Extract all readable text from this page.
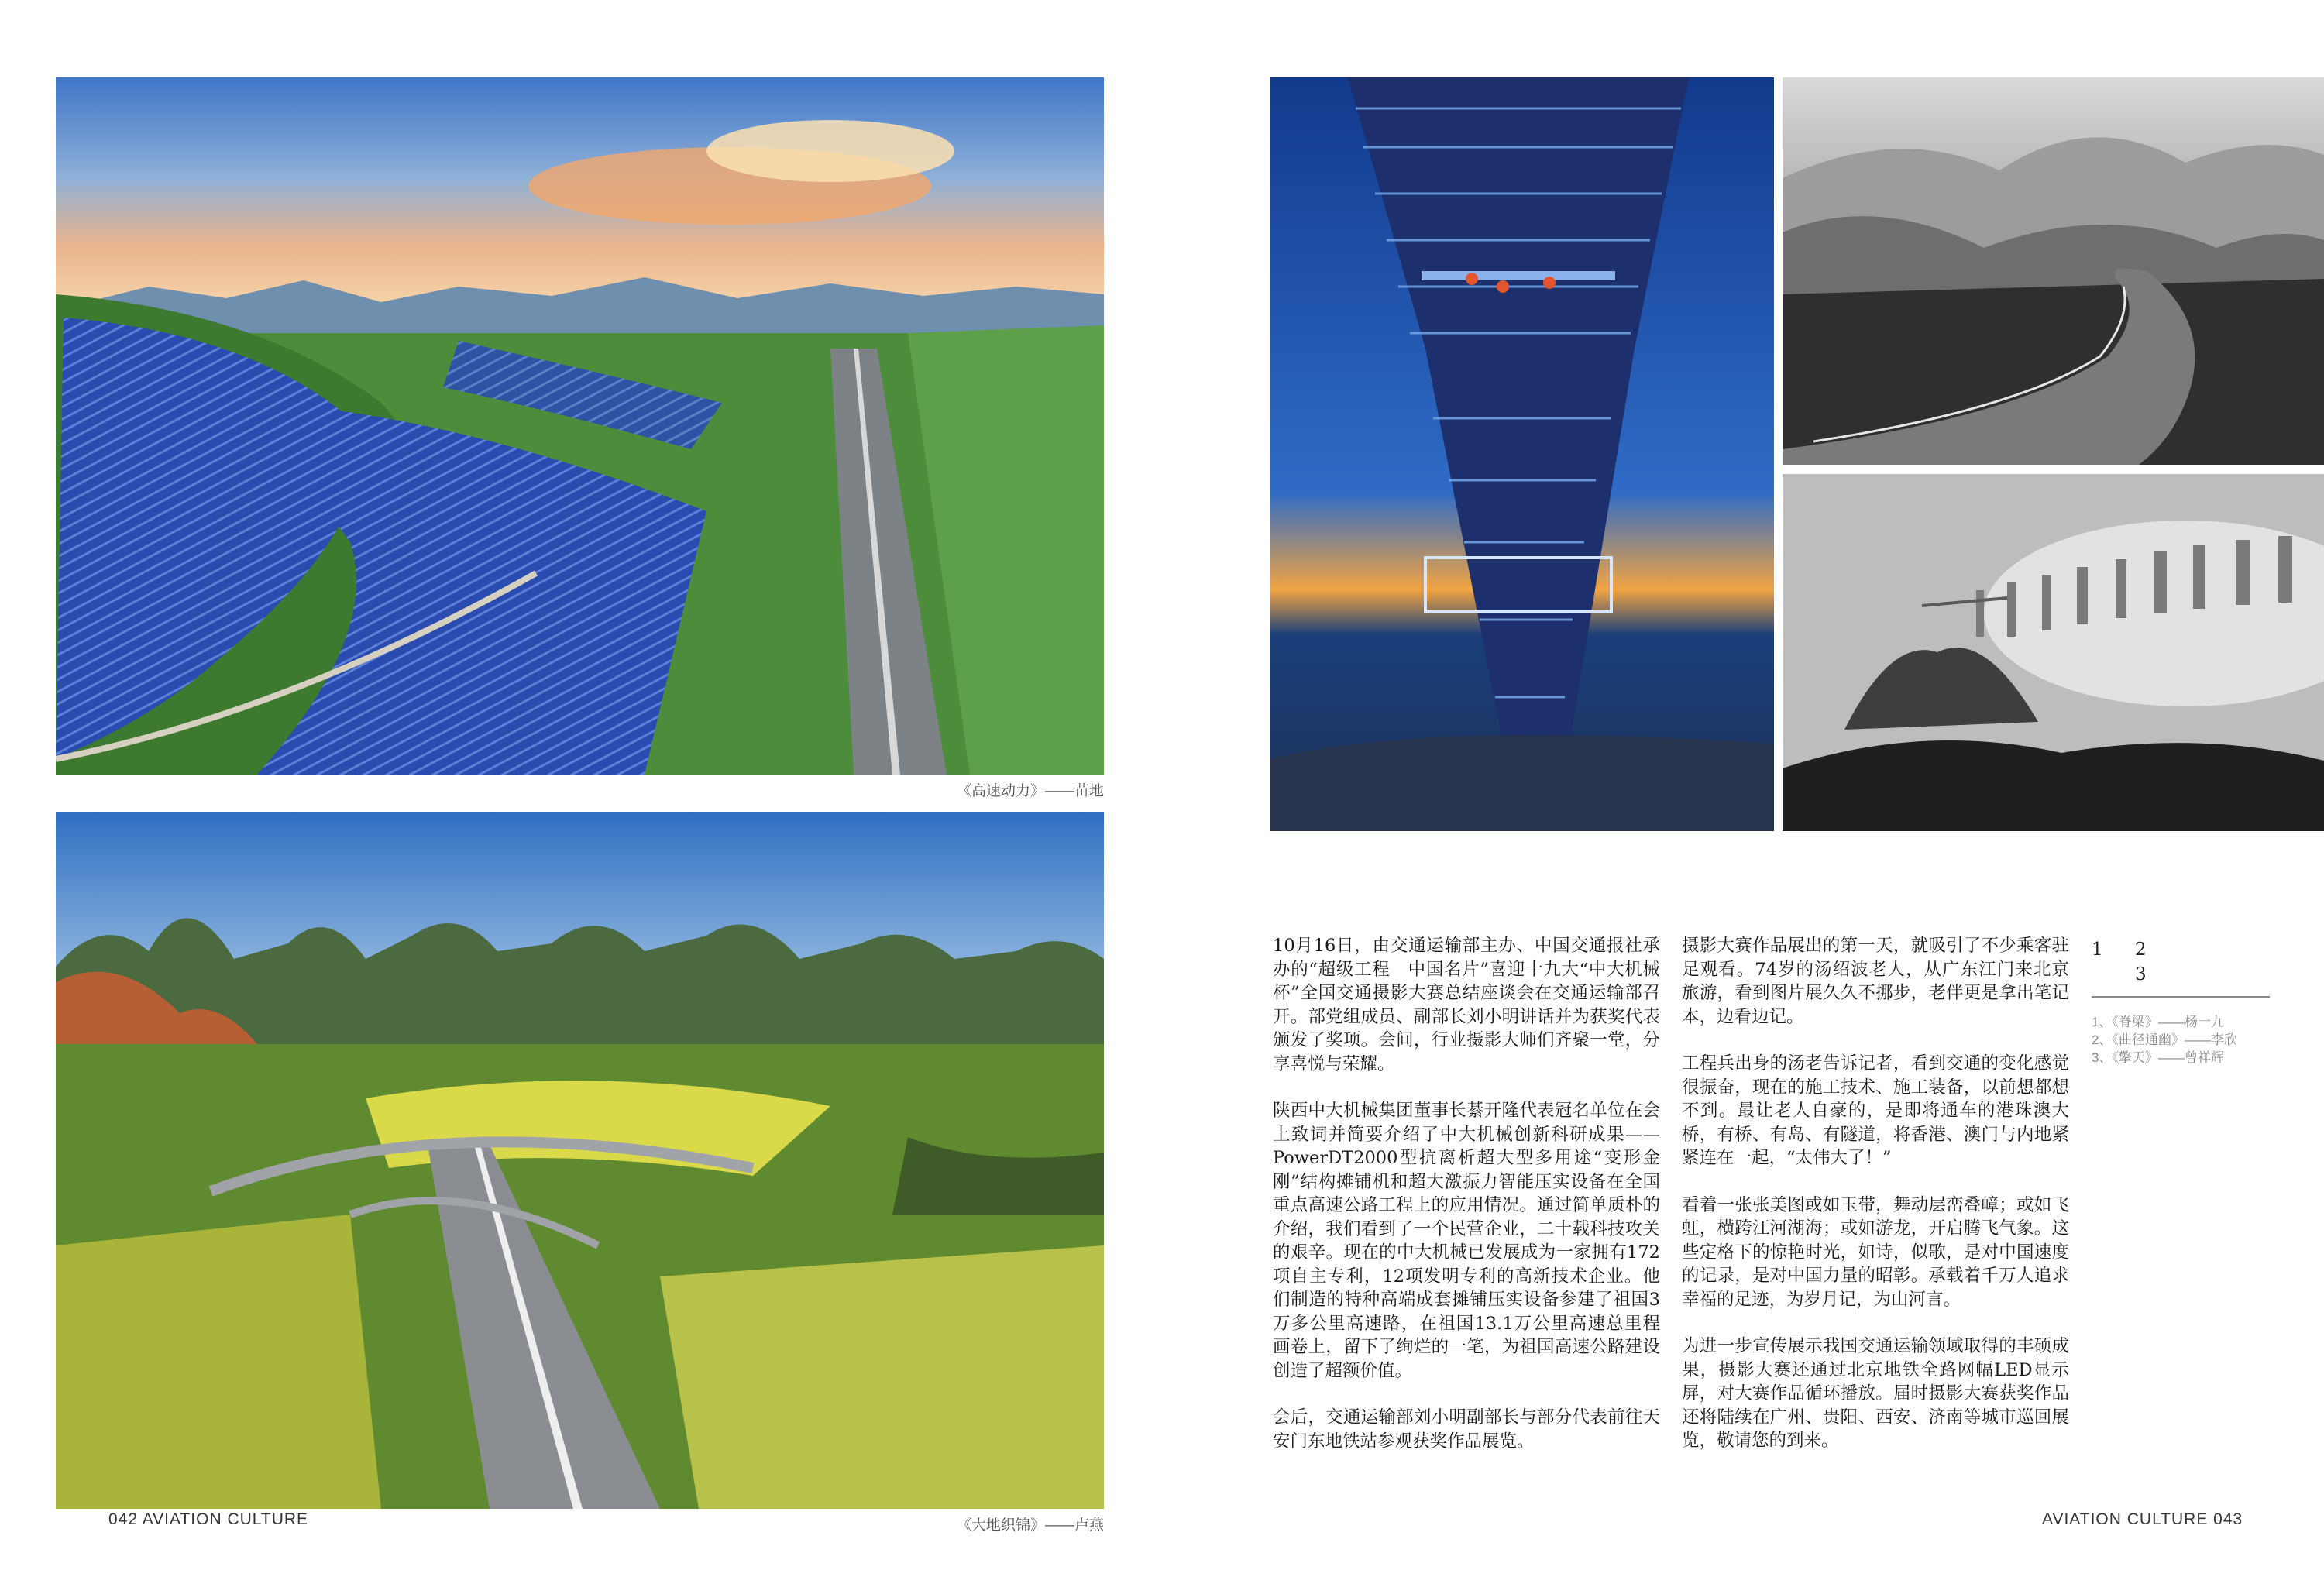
《高速动力》——苗地
《大地织锦》——卢燕
042 AVIATION CULTURE

10月16日，由交通运输部主办、中国交通报社承办的“超级工程　中国名片”喜迎十九大“中大机械杯”全国交通摄影大赛总结座谈会在交通运输部召开。部党组成员、副部长刘小明讲话并为获奖代表颁发了奖项。会间，行业摄影大师们齐聚一堂，分享喜悦与荣耀。

陕西中大机械集团董事长綦开隆代表冠名单位在会上致词并简要介绍了中大机械创新科研成果——PowerDT2000型抗离析超大型多用途“变形金刚”结构摊铺机和超大激振力智能压实设备在全国重点高速公路工程上的应用情况。通过简单质朴的介绍，我们看到了一个民营企业，二十载科技攻关的艰辛。现在的中大机械已发展成为一家拥有172项自主专利，12项发明专利的高新技术企业。他们制造的特种高端成套摊铺压实设备参建了祖国3万多公里高速路，在祖国13.1万公里高速总里程画卷上，留下了绚烂的一笔，为祖国高速公路建设创造了超额价值。

会后，交通运输部刘小明副部长与部分代表前往天安门东地铁站参观获奖作品展览。

摄影大赛作品展出的第一天，就吸引了不少乘客驻足观看。74岁的汤绍波老人，从广东江门来北京旅游，看到图片展久久不挪步，老伴更是拿出笔记本，边看边记。

工程兵出身的汤老告诉记者，看到交通的变化感觉很振奋，现在的施工技术、施工装备，以前想都想不到。最让老人自豪的，是即将通车的港珠澳大桥，有桥、有岛、有隧道，将香港、澳门与内地紧紧连在一起，“太伟大了！”

看着一张张美图或如玉带，舞动层峦叠嶂；或如飞虹，横跨江河湖海；或如游龙，开启腾飞气象。这些定格下的惊艳时光，如诗，似歌，是对中国速度的记录，是对中国力量的昭彰。承载着千万人追求幸福的足迹，为岁月记，为山河言。

为进一步宣传展示我国交通运输领域取得的丰硕成果，摄影大赛还通过北京地铁全路网幅LED显示屏，对大赛作品循环播放。届时摄影大赛获奖作品还将陆续在广州、贵阳、西安、济南等城市巡回展览，敬请您的到来。

1 2
3
1、《脊梁》——杨一九
2、《曲径通幽》——李欣
3、《擎天》——曾祥辉
AVIATION CULTURE 043
